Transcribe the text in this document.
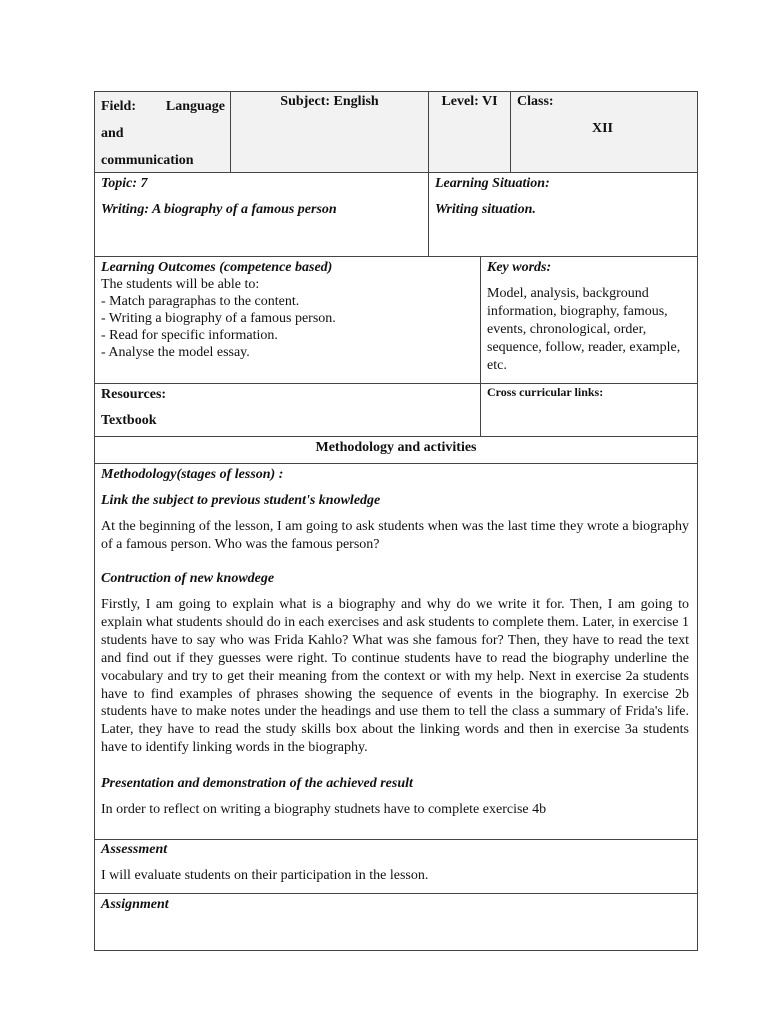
Field: Language
and
communication
Subject: English	Level: VI	Class:
XII
Topic: 7
Writing: A biography of a famous person
Learning Situation:
Writing situation.
Learning Outcomes (competence based)
The students will be able to:
- Match paragraphas to the content.
- Writing a biography of a famous person.
- Read for specific information.
- Analyse the model essay.
Key words:
Model, analysis, background information, biography, famous, events, chronological, order, sequence, follow, reader, example, etc.
Resources:
Textbook
Cross curricular links:
Methodology and activities
Methodology(stages of lesson) :
Link the subject to previous student's knowledge

At the beginning of the lesson, I am going to ask students when was the last time they wrote a biography of a famous person. Who was the famous person?

Contruction of new knowdege

Firstly, I am going to explain what is a biography and why do we write it for. Then, I am going to explain what students should do in each exercises and ask students to complete them. Later, in exercise 1 students have to say who was Frida Kahlo? What was she famous for? Then, they have to read the text and find out if they guesses were right. To continue students have to read the biography underline the vocabulary and try to get their meaning from the context or with my help. Next in exercise 2a students have to find examples of phrases showing the sequence of events in the biography. In exercise 2b students have to make notes under the headings and use them to tell the class a summary of Frida's life. Later, they have to read the study skills box about the linking words and then in exercise 3a students have to identify linking words in the biography.

Presentation and demonstration of the achieved result

In order to reflect on writing a biography studnets have to complete exercise 4b

Assessment

I will evaluate students on their participation in the lesson.

Assignment
